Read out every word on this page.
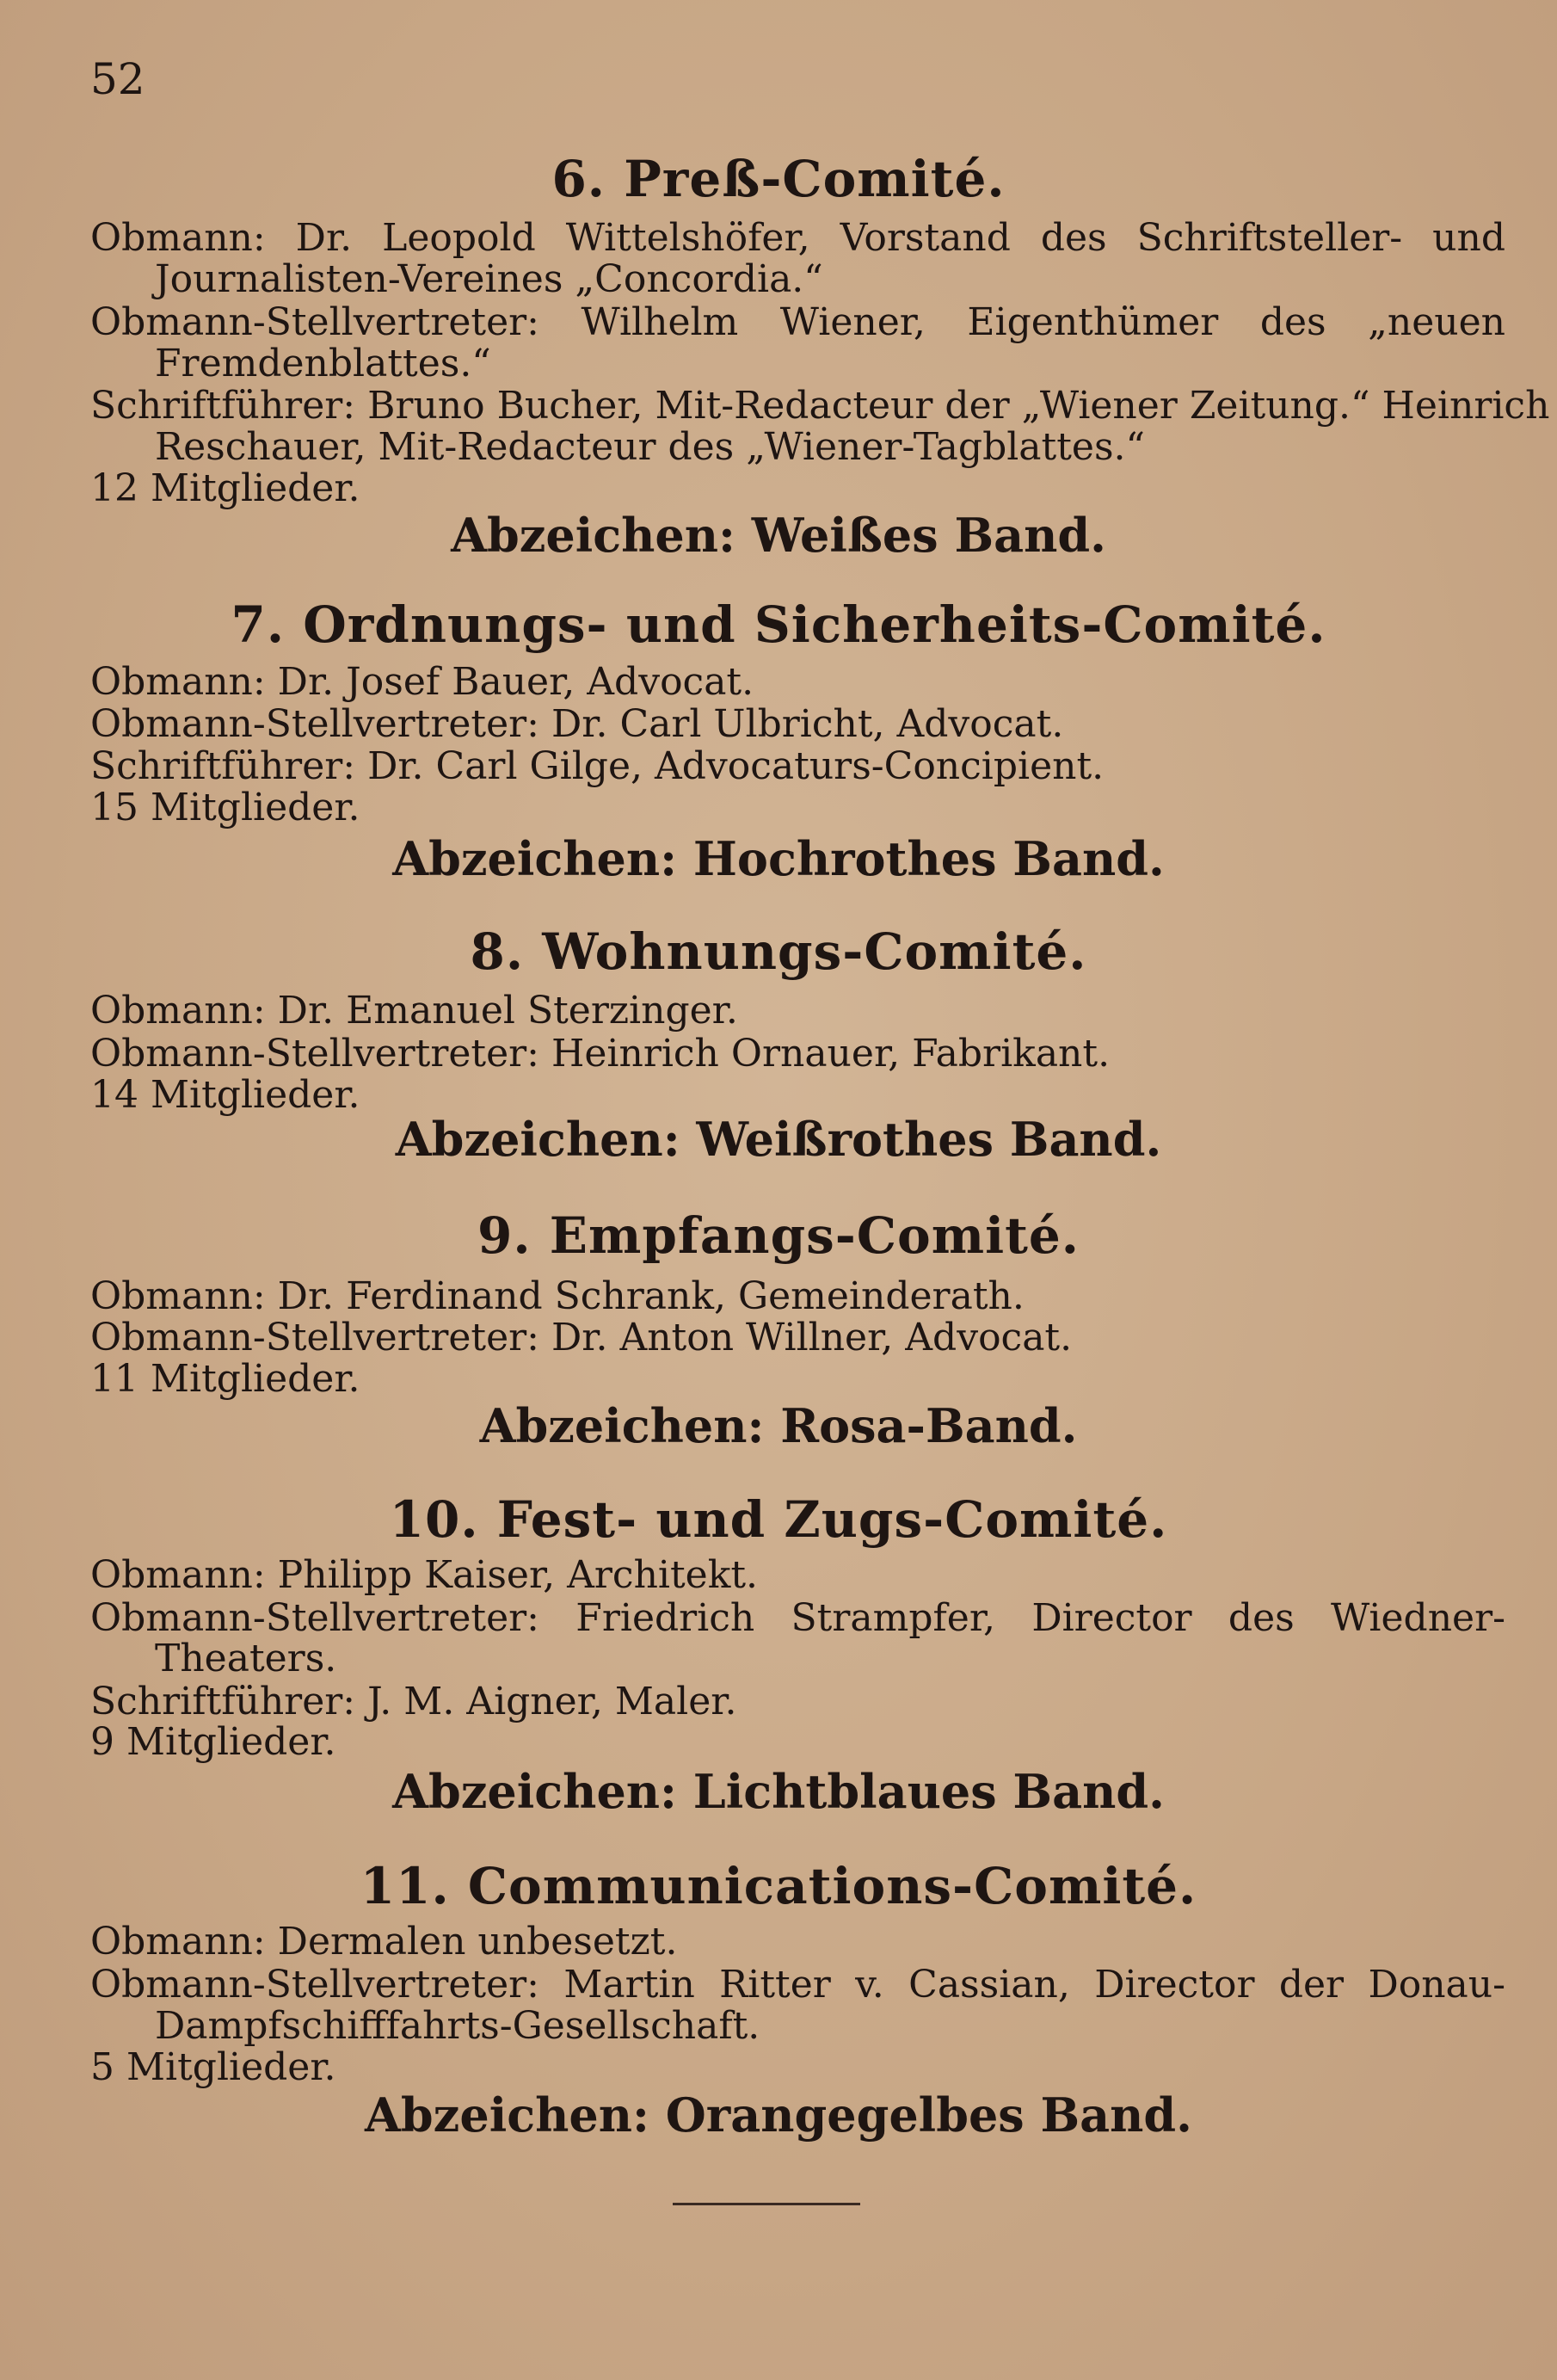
52
6. Preß-Comité.
Obmann: Dr. Leopold Wittelshöfer, Vorstand des Schriftsteller- und
Journalisten-Vereines „Concordia.“
Obmann-Stellvertreter: Wilhelm Wiener, Eigenthümer des „neuen
Fremdenblattes.“
Schriftführer: Bruno Bucher, Mit-Redacteur der „Wiener Zeitung.“ Heinrich
Reschauer, Mit-Redacteur des „Wiener-Tagblattes.“
12 Mitglieder.
Abzeichen: Weißes Band.
7. Ordnungs- und Sicherheits-Comité.
Obmann: Dr. Josef Bauer, Advocat.
Obmann-Stellvertreter: Dr. Carl Ulbricht, Advocat.
Schriftführer: Dr. Carl Gilge, Advocaturs-Concipient.
15 Mitglieder.
Abzeichen: Hochrothes Band.
8. Wohnungs-Comité.
Obmann: Dr. Emanuel Sterzinger.
Obmann-Stellvertreter: Heinrich Ornauer, Fabrikant.
14 Mitglieder.
Abzeichen: Weißrothes Band.
9. Empfangs-Comité.
Obmann: Dr. Ferdinand Schrank, Gemeinderath.
Obmann-Stellvertreter: Dr. Anton Willner, Advocat.
11 Mitglieder.
Abzeichen: Rosa-Band.
10. Fest- und Zugs-Comité.
Obmann: Philipp Kaiser, Architekt.
Obmann-Stellvertreter: Friedrich Strampfer, Director des Wiedner-
Theaters.
Schriftführer: J. M. Aigner, Maler.
9 Mitglieder.
Abzeichen: Lichtblaues Band.
11. Communications-Comité.
Obmann: Dermalen unbesetzt.
Obmann-Stellvertreter: Martin Ritter v. Cassian, Director der Donau-
Dampfschifffahrts-Gesellschaft.
5 Mitglieder.
Abzeichen: Orangegelbes Band.
